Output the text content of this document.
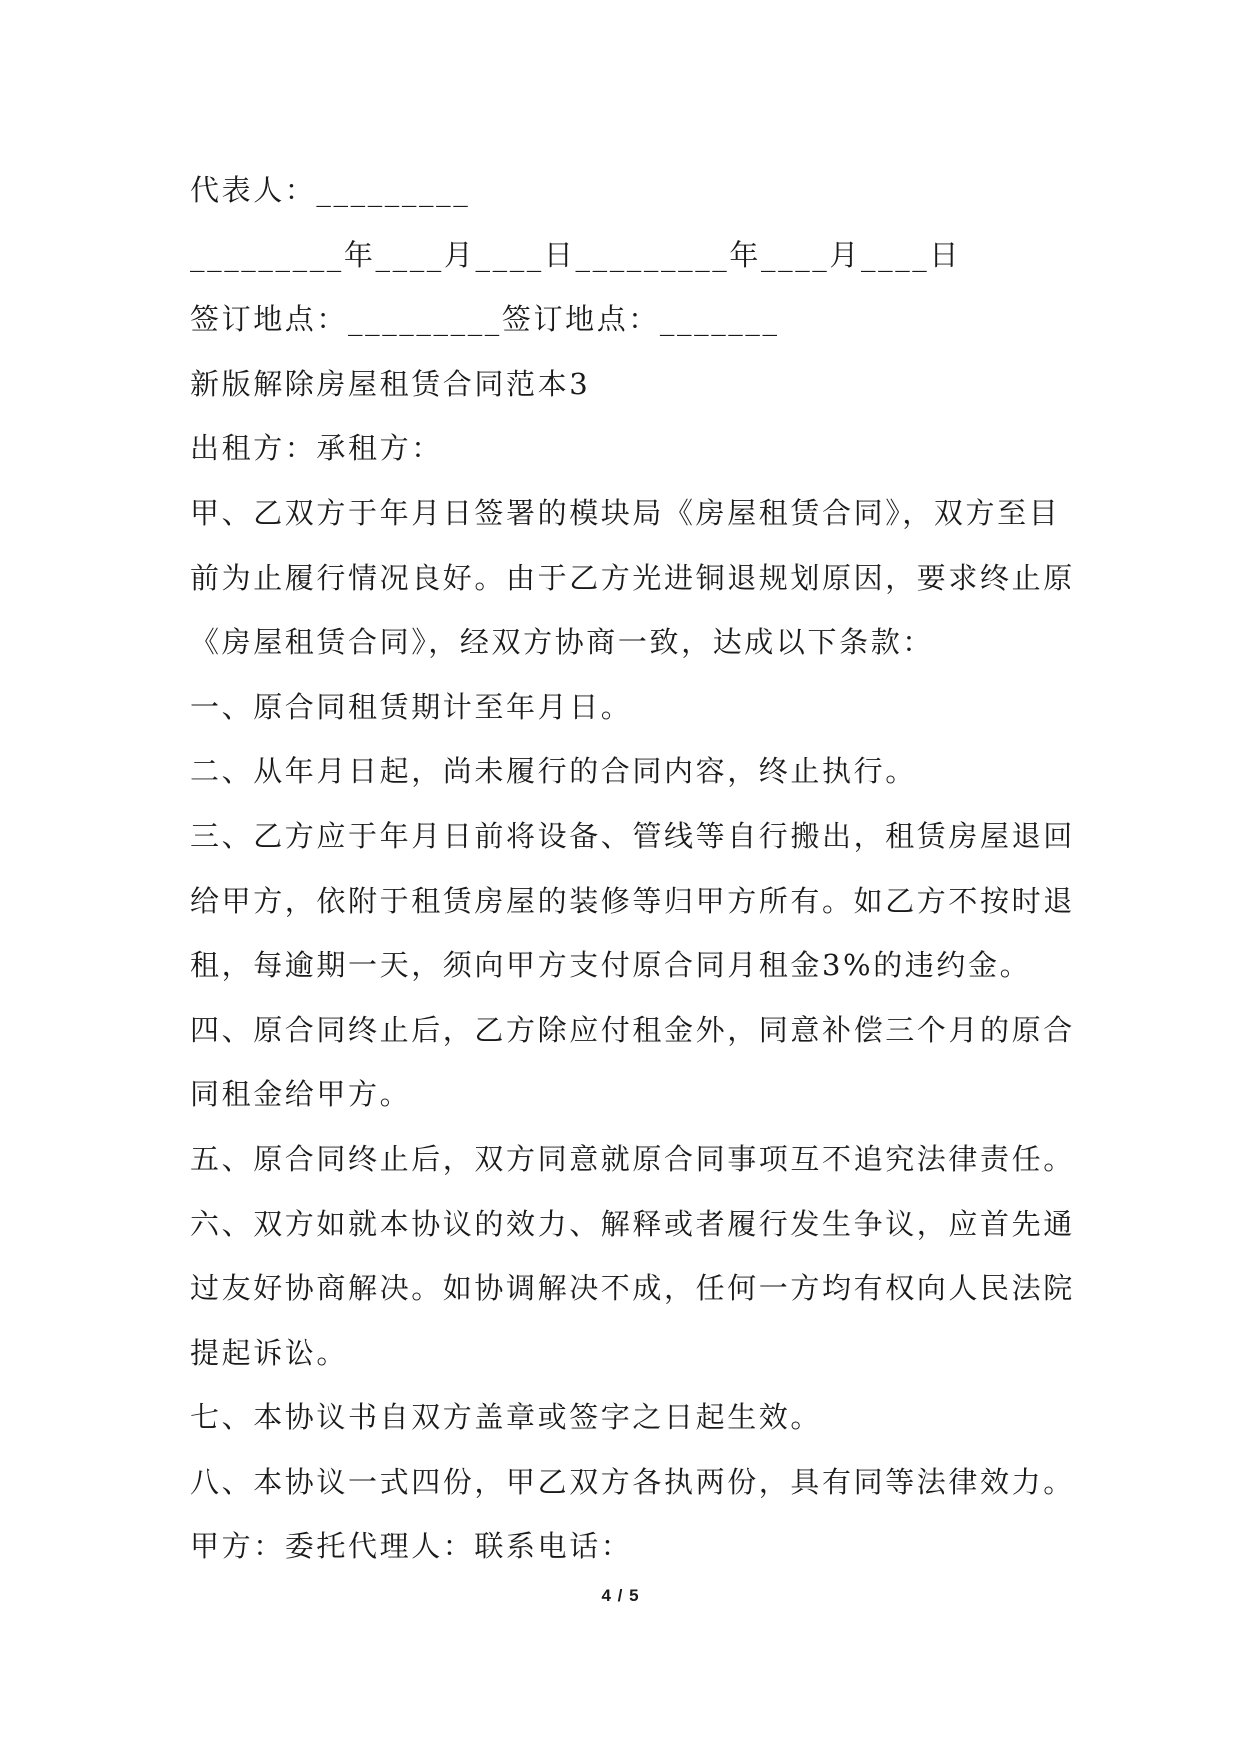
代表人：_________
_________年____月____日_________年____月____日
签订地点：_________签订地点：_______
新版解除房屋租赁合同范本3
出租方：承租方：
甲、乙双方于年月日签署的模块局《房屋租赁合同》，双方至目
前为止履行情况良好。由于乙方光进铜退规划原因，要求终止原
《房屋租赁合同》，经双方协商一致，达成以下条款：
一、原合同租赁期计至年月日。
二、从年月日起，尚未履行的合同内容，终止执行。
三、乙方应于年月日前将设备、管线等自行搬出，租赁房屋退回
给甲方，依附于租赁房屋的装修等归甲方所有。如乙方不按时退
租，每逾期一天，须向甲方支付原合同月租金3%的违约金。
四、原合同终止后，乙方除应付租金外，同意补偿三个月的原合
同租金给甲方。
五、原合同终止后，双方同意就原合同事项互不追究法律责任。
六、双方如就本协议的效力、解释或者履行发生争议，应首先通
过友好协商解决。如协调解决不成，任何一方均有权向人民法院
提起诉讼。
七、本协议书自双方盖章或签字之日起生效。
八、本协议一式四份，甲乙双方各执两份，具有同等法律效力。
甲方：委托代理人：联系电话：
4 / 5
